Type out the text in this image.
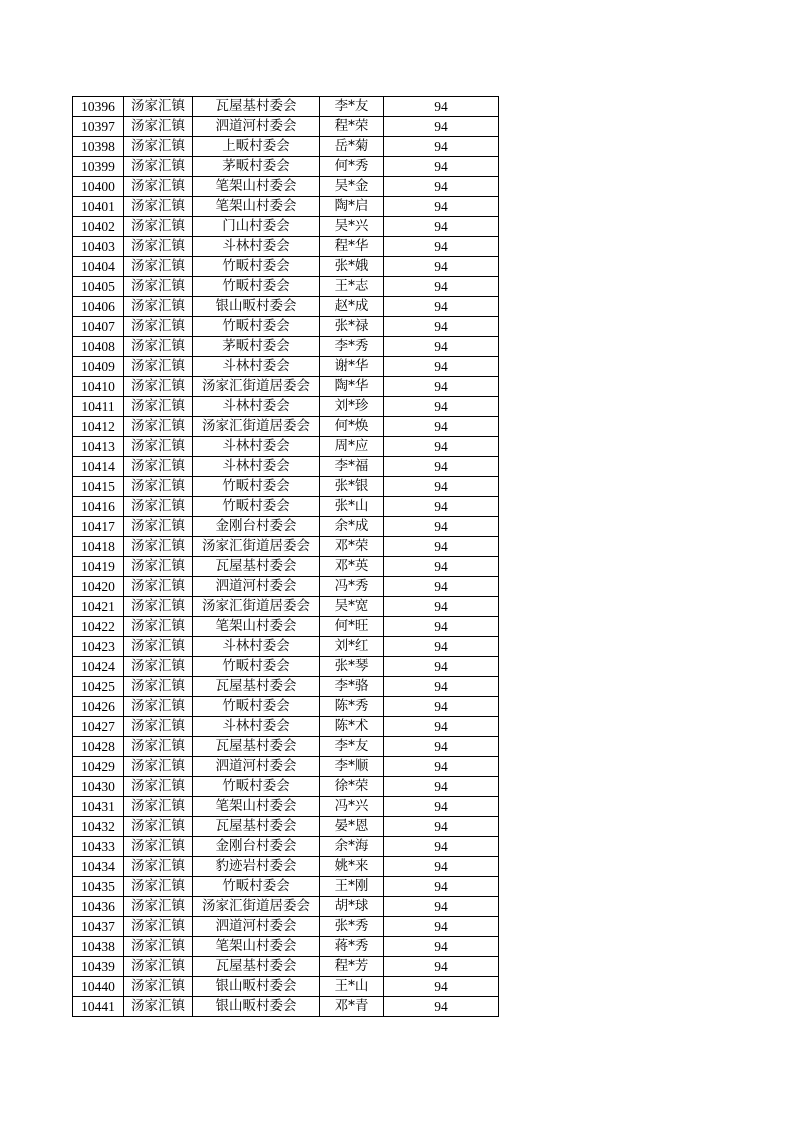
10396	汤家汇镇	瓦屋基村委会	李*友	94
10397	汤家汇镇	泗道河村委会	程*荣	94
10398	汤家汇镇	上畈村委会	岳*菊	94
10399	汤家汇镇	茅畈村委会	何*秀	94
10400	汤家汇镇	笔架山村委会	吴*金	94
10401	汤家汇镇	笔架山村委会	陶*启	94
10402	汤家汇镇	门山村委会	吴*兴	94
10403	汤家汇镇	斗林村委会	程*华	94
10404	汤家汇镇	竹畈村委会	张*娥	94
10405	汤家汇镇	竹畈村委会	王*志	94
10406	汤家汇镇	银山畈村委会	赵*成	94
10407	汤家汇镇	竹畈村委会	张*禄	94
10408	汤家汇镇	茅畈村委会	李*秀	94
10409	汤家汇镇	斗林村委会	谢*华	94
10410	汤家汇镇	汤家汇街道居委会	陶*华	94
10411	汤家汇镇	斗林村委会	刘*珍	94
10412	汤家汇镇	汤家汇街道居委会	何*焕	94
10413	汤家汇镇	斗林村委会	周*应	94
10414	汤家汇镇	斗林村委会	李*福	94
10415	汤家汇镇	竹畈村委会	张*银	94
10416	汤家汇镇	竹畈村委会	张*山	94
10417	汤家汇镇	金刚台村委会	余*成	94
10418	汤家汇镇	汤家汇街道居委会	邓*荣	94
10419	汤家汇镇	瓦屋基村委会	邓*英	94
10420	汤家汇镇	泗道河村委会	冯*秀	94
10421	汤家汇镇	汤家汇街道居委会	吴*宽	94
10422	汤家汇镇	笔架山村委会	何*旺	94
10423	汤家汇镇	斗林村委会	刘*红	94
10424	汤家汇镇	竹畈村委会	张*琴	94
10425	汤家汇镇	瓦屋基村委会	李*骆	94
10426	汤家汇镇	竹畈村委会	陈*秀	94
10427	汤家汇镇	斗林村委会	陈*术	94
10428	汤家汇镇	瓦屋基村委会	李*友	94
10429	汤家汇镇	泗道河村委会	李*顺	94
10430	汤家汇镇	竹畈村委会	徐*荣	94
10431	汤家汇镇	笔架山村委会	冯*兴	94
10432	汤家汇镇	瓦屋基村委会	晏*恩	94
10433	汤家汇镇	金刚台村委会	余*海	94
10434	汤家汇镇	豹迹岩村委会	姚*来	94
10435	汤家汇镇	竹畈村委会	王*刚	94
10436	汤家汇镇	汤家汇街道居委会	胡*球	94
10437	汤家汇镇	泗道河村委会	张*秀	94
10438	汤家汇镇	笔架山村委会	蒋*秀	94
10439	汤家汇镇	瓦屋基村委会	程*芳	94
10440	汤家汇镇	银山畈村委会	王*山	94
10441	汤家汇镇	银山畈村委会	邓*青	94
